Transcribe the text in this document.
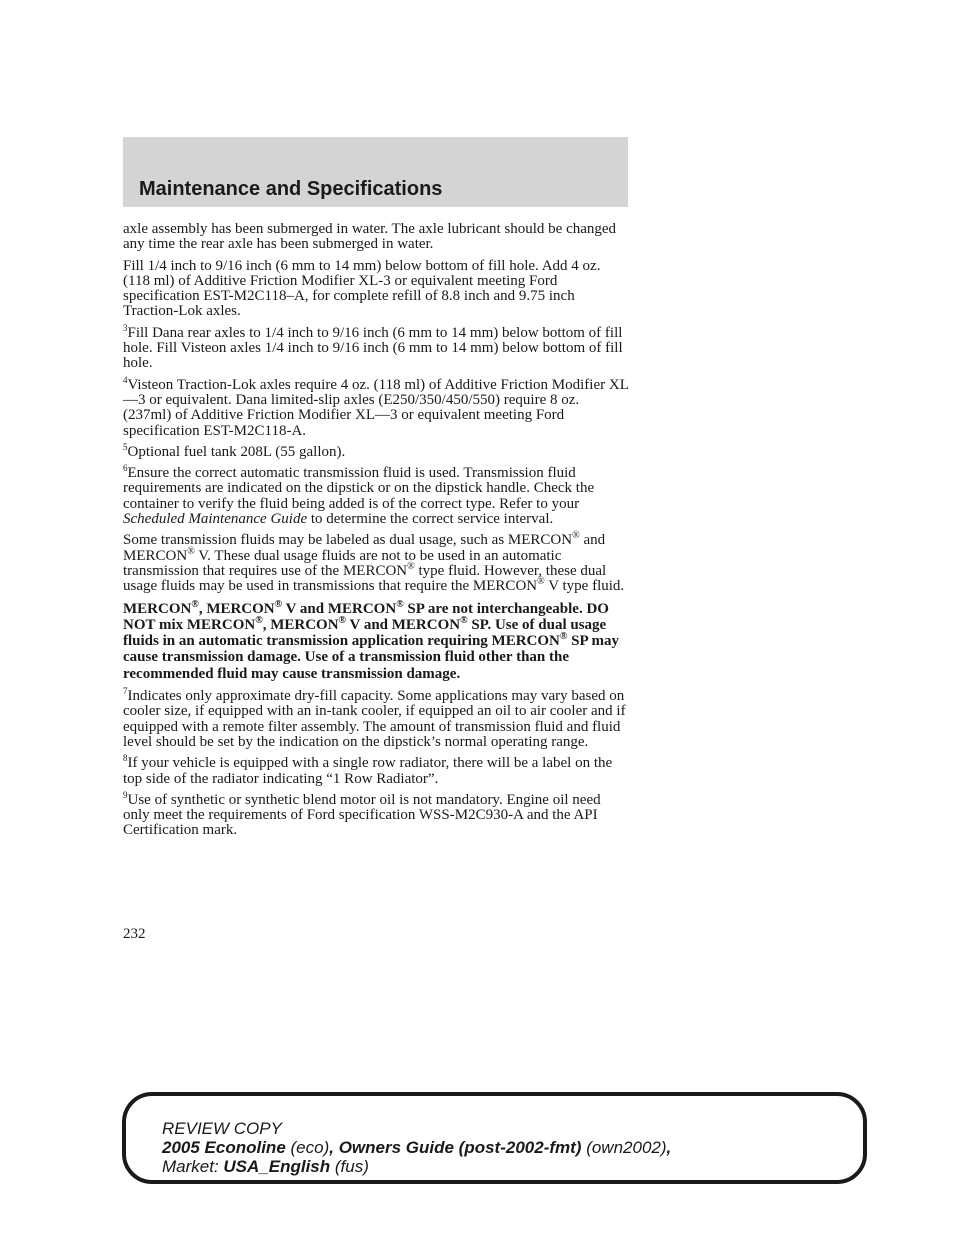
Maintenance and Specifications

axle assembly has been submerged in water. The axle lubricant should be changed any time the rear axle has been submerged in water.

Fill 1/4 inch to 9/16 inch (6 mm to 14 mm) below bottom of fill hole. Add 4 oz. (118 ml) of Additive Friction Modifier XL-3 or equivalent meeting Ford specification EST-M2C118–A, for complete refill of 8.8 inch and 9.75 inch Traction-Lok axles.

$^3$Fill Dana rear axles to 1/4 inch to 9/16 inch (6 mm to 14 mm) below bottom of fill hole. Fill Visteon axles 1/4 inch to 9/16 inch (6 mm to 14 mm) below bottom of fill hole.

$^4$Visteon Traction-Lok axles require 4 oz. (118 ml) of Additive Friction Modifier XL—3 or equivalent. Dana limited-slip axles (E250/350/450/550) require 8 oz. (237ml) of Additive Friction Modifier XL—3 or equivalent meeting Ford specification EST-M2C118-A.

$^5$Optional fuel tank 208L (55 gallon).

$^6$Ensure the correct automatic transmission fluid is used. Transmission fluid requirements are indicated on the dipstick or on the dipstick handle. Check the container to verify the fluid being added is of the correct type. Refer to your Scheduled Maintenance Guide to determine the correct service interval.

Some transmission fluids may be labeled as dual usage, such as MERCON® and MERCON® V. These dual usage fluids are not to be used in an automatic transmission that requires use of the MERCON® type fluid. However, these dual usage fluids may be used in transmissions that require the MERCON® V type fluid.

MERCON®, MERCON® V and MERCON® SP are not interchangeable. DO NOT mix MERCON®, MERCON® V and MERCON® SP. Use of dual usage fluids in an automatic transmission application requiring MERCON® SP may cause transmission damage. Use of a transmission fluid other than the recommended fluid may cause transmission damage.

$^7$Indicates only approximate dry-fill capacity. Some applications may vary based on cooler size, if equipped with an in-tank cooler, if equipped an oil to air cooler and if equipped with a remote filter assembly. The amount of transmission fluid and fluid level should be set by the indication on the dipstick’s normal operating range.

$^8$If your vehicle is equipped with a single row radiator, there will be a label on the top side of the radiator indicating “1 Row Radiator”.

$^9$Use of synthetic or synthetic blend motor oil is not mandatory. Engine oil need only meet the requirements of Ford specification WSS-M2C930-A and the API Certification mark.

232
REVIEW COPY
2005 Econoline (eco), Owners Guide (post-2002-fmt) (own2002),
Market: USA_English (fus)
